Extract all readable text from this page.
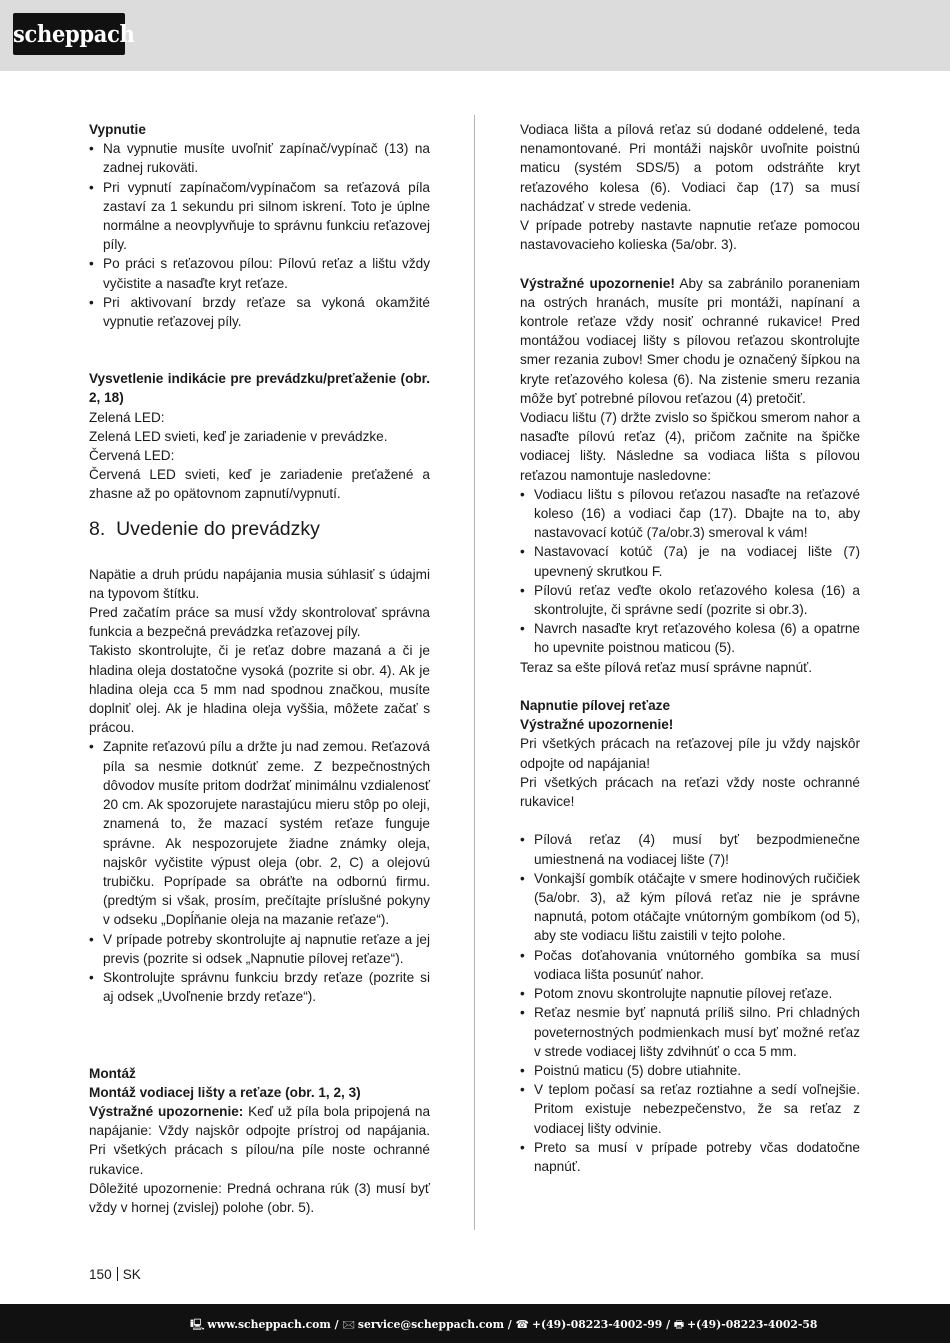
scheppach

Vypnutie

• Na vypnutie musíte uvoľniť zapínač/vypínač (13) na zadnej rukoväti.
• Pri vypnutí zapínačom/vypínačom sa reťazová píla zastaví za 1 sekundu pri silnom iskrení. Toto je úplne normálne a neovplyvňuje to správnu funkciu reťazovej píly.
• Po práci s reťazovou pílou: Pílovú reťaz a lištu vždy vyčistite a nasaďte kryt reťaze.
• Pri aktivovaní brzdy reťaze sa vykoná okamžité vypnutie reťazovej píly.

Vysvetlenie indikácie pre prevádzku/preťaženie (obr. 2, 18)

Zelená LED:

Zelená LED svieti, keď je zariadenie v prevádzke.

Červená LED:

Červená LED svieti, keď je zariadenie preťažené a zhasne až po opätovnom zapnutí/vypnutí.

8.  Uvedenie do prevádzky

Napätie a druh prúdu napájania musia súhlasiť s údajmi na typovom štítku.

Pred začatím práce sa musí vždy skontrolovať správna funkcia a bezpečná prevádzka reťazovej píly.

Takisto skontrolujte, či je reťaz dobre mazaná a či je hladina oleja dostatočne vysoká (pozrite si obr. 4). Ak je hladina oleja cca 5 mm nad spodnou značkou, musíte doplniť olej. Ak je hladina oleja vyššia, môžete začať s prácou.

• Zapnite reťazovú pílu a držte ju nad zemou. Reťazová píla sa nesmie dotknúť zeme. Z bezpečnostných dôvodov musíte pritom dodržať minimálnu vzdialenosť 20 cm. Ak spozorujete narastajúcu mieru stôp po oleji, znamená to, že mazací systém reťaze funguje správne. Ak nespozorujete žiadne známky oleja, najskôr vyčistite výpust oleja (obr. 2, C) a olejovú trubičku. Poprípade sa obráťte na odbornú firmu. (predtým si však, prosím, prečítajte príslušné pokyny v odseku „Dopĺňanie oleja na mazanie reťaze“).
• V prípade potreby skontrolujte aj napnutie reťaze a jej previs (pozrite si odsek „Napnutie pílovej reťaze“).
• Skontrolujte správnu funkciu brzdy reťaze (pozrite si aj odsek „Uvoľnenie brzdy reťaze“).

Montáž

Montáž vodiacej lišty a reťaze (obr. 1, 2, 3)

Výstražné upozornenie: Keď už píla bola pripojená na napájanie: Vždy najskôr odpojte prístroj od napájania. Pri všetkých prácach s pílou/na píle noste ochranné rukavice.

Dôležité upozornenie: Predná ochrana rúk (3) musí byť vždy v hornej (zvislej) polohe (obr. 5).

Vodiaca lišta a pílová reťaz sú dodané oddelené, teda nenamontované. Pri montáži najskôr uvoľnite poistnú maticu (systém SDS/5) a potom odstráňte kryt reťazového kolesa (6). Vodiaci čap (17) sa musí nachádzať v strede vedenia.

V prípade potreby nastavte napnutie reťaze pomocou nastavovacieho kolieska (5a/obr. 3).

Výstražné upozornenie! Aby sa zabránilo poraneniam na ostrých hranách, musíte pri montáži, napínaní a kontrole reťaze vždy nosiť ochranné rukavice! Pred montážou vodiacej lišty s pílovou reťazou skontrolujte smer rezania zubov! Smer chodu je označený šípkou na kryte reťazového kolesa (6). Na zistenie smeru rezania môže byť potrebné pílovou reťazou (4) pretočiť.

Vodiacu lištu (7) držte zvislo so špičkou smerom nahor a nasaďte pílovú reťaz (4), pričom začnite na špičke vodiacej lišty. Následne sa vodiaca lišta s pílovou reťazou namontuje nasledovne:

• Vodiacu lištu s pílovou reťazou nasaďte na reťazové koleso (16) a vodiaci čap (17). Dbajte na to, aby nastavovací kotúč (7a/obr.3) smeroval k vám!
• Nastavovací kotúč (7a) je na vodiacej lište (7) upevnený skrutkou F.
• Pílovú reťaz veďte okolo reťazového kolesa (16) a skontrolujte, či správne sedí (pozrite si obr.3).
• Navrch nasaďte kryt reťazového kolesa (6) a opatrne ho upevnite poistnou maticou (5).

Teraz sa ešte pílová reťaz musí správne napnúť.

Napnutie pílovej reťaze

Výstražné upozornenie!

Pri všetkých prácach na reťazovej píle ju vždy najskôr odpojte od napájania!

Pri všetkých prácach na reťazi vždy noste ochranné rukavice!

• Pílová reťaz (4) musí byť bezpodmienečne umiestnená na vodiacej lište (7)!
• Vonkajší gombík otáčajte v smere hodinových ručičiek (5a/obr. 3), až kým pílová reťaz nie je správne napnutá, potom otáčajte vnútorným gombíkom (od 5), aby ste vodiacu lištu zaistili v tejto polohe.
• Počas doťahovania vnútorného gombíka sa musí vodiaca lišta posunúť nahor.
• Potom znovu skontrolujte napnutie pílovej reťaze.
• Reťaz nesmie byť napnutá príliš silno. Pri chladných poveternostných podmienkach musí byť možné reťaz v strede vodiacej lišty zdvihnúť o cca 5 mm.
• Poistnú maticu (5) dobre utiahnite.
• V teplom počasí sa reťaz roztiahne a sedí voľnejšie. Pritom existuje nebezpečenstvo, že sa reťaz z vodiacej lišty odvinie.
• Preto sa musí v prípade potreby včas dodatočne napnúť.
150 SK
🖳 www.scheppach.com / 🖂 service@scheppach.com / ☎ +(49)-08223-4002-99 / 🖶 +(49)-08223-4002-58
